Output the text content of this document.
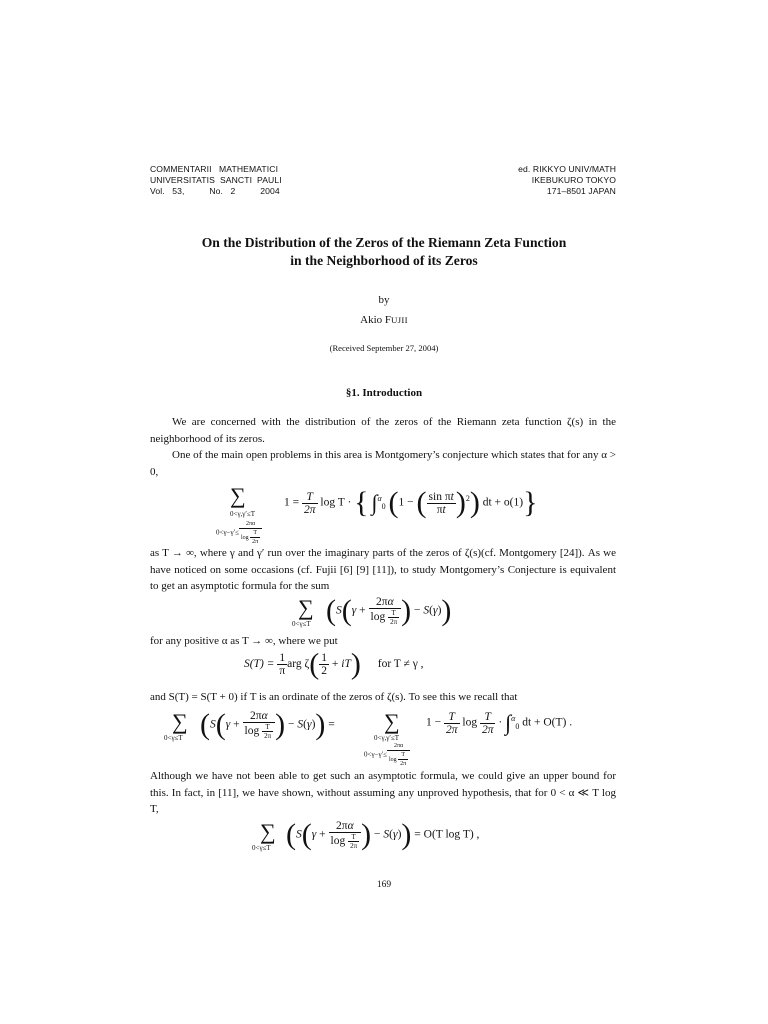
COMMENTARII   MATHEMATICI
UNIVERSITATIS  SANCTI  PAULI
Vol.   53,          No.   2          2004
ed. RIKKYO UNIV/MATH
IKEBUKURO TOKYO
171–8501 JAPAN
On the Distribution of the Zeros of the Riemann Zeta Function
in the Neighborhood of its Zeros
by
Akio FUJII
(Received September 27, 2004)
§1. Introduction
We are concerned with the distribution of the zeros of the Riemann zeta function ζ(s) in the neighborhood of its zeros.
One of the main open problems in this area is Montgomery’s conjecture which states that for any α > 0,
∑
0<γ,γ′≤T
$0<\gamma-\gamma'\le \frac{2\pi\alpha}{\log \frac{T}{2\pi}}$
$1 = \frac{T}{2\pi}$ log T · { ∫$^\alpha_0$ (1 − ( $\frac{\text{sin πt}}{\pi t} )^2$) dt + o(1)}
as T → ∞, where γ and γ′ run over the imaginary parts of the zeros of ζ(s)(cf. Montgomery [24]). As we have noticed on some occasions (cf. Fujii [6] [9] [11]), to study Montgomery’s Conjecture is equivalent to get an asymptotic formula for the sum
∑
0<γ≤T ($S(\gamma + \frac{2\pi\alpha}{\log \frac{T}{2\pi}}$ ) − S(γ))
for any positive α as T → ∞, where we put
$S(T) = \frac{1}{\pi}$ arg $\zeta( \frac{1}{2} + iT)$ for T ≠ γ ,
and S(T) = S(T + 0) if T is an ordinate of the zeros of ζ(s). To see this we recall that
∑
0<γ≤T ($S(\gamma + \frac{2\pi\alpha}{\log \frac{T}{2\pi}}$ ) − S(γ)) = ∑
0<γ,γ′≤T
$0<\gamma-\gamma'\le \frac{2\pi\alpha}{\log \frac{T}{2\pi}}$
$1 - \frac{T}{2\pi}$ $\log \frac{T}{2\pi} \cdot \int^\alpha_0$ dt + O(T) .
Although we have not been able to get such an asymptotic formula, we could give an upper bound for this. In fact, in [11], we have shown, without assuming any unproved hypothesis, that for 0 < α ≪ T log T,
∑
0<γ≤T ($S(\gamma + \frac{2\pi\alpha}{\log \frac{T}{2\pi}}$ ) − S(γ)) = O(T log T) ,
169
